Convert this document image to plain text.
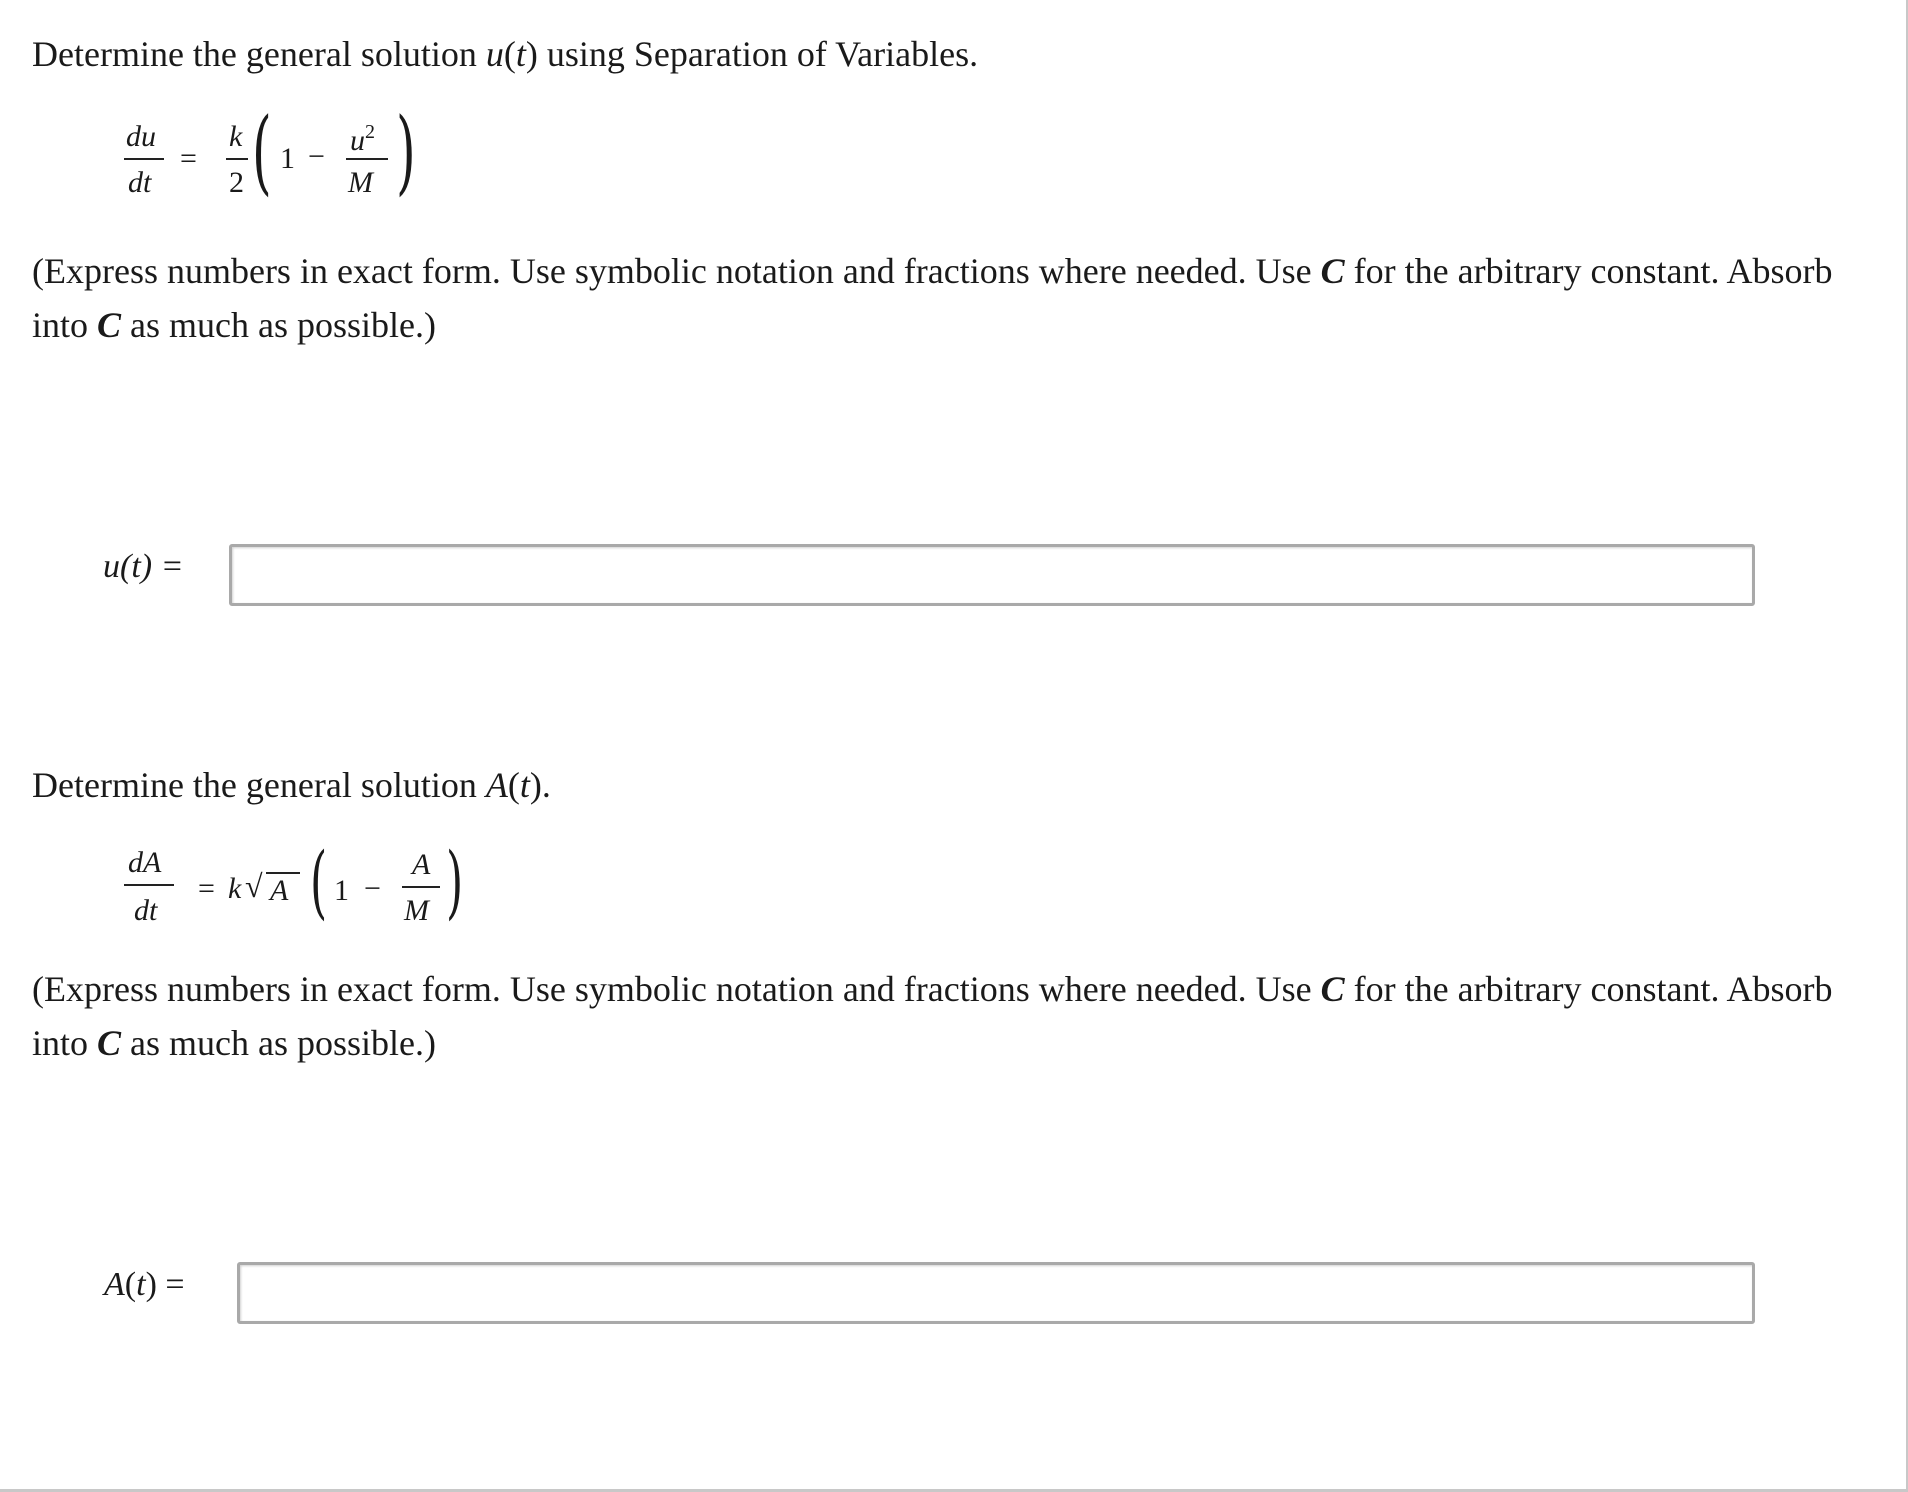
Determine the general solution u(t) using Separation of Variables.
du
dt
=
k
2 ( $1 - u^2$
M )
(Express numbers in exact form. Use symbolic notation and fractions where needed. Use C for the arbitrary constant. Absorb into C as much as possible.)
u(t) =
Determine the general solution A(t).
dA
dt
= k √ A ( 1 −
A
M )
(Express numbers in exact form. Use symbolic notation and fractions where needed. Use C for the arbitrary constant. Absorb into C as much as possible.)
A(t) =
